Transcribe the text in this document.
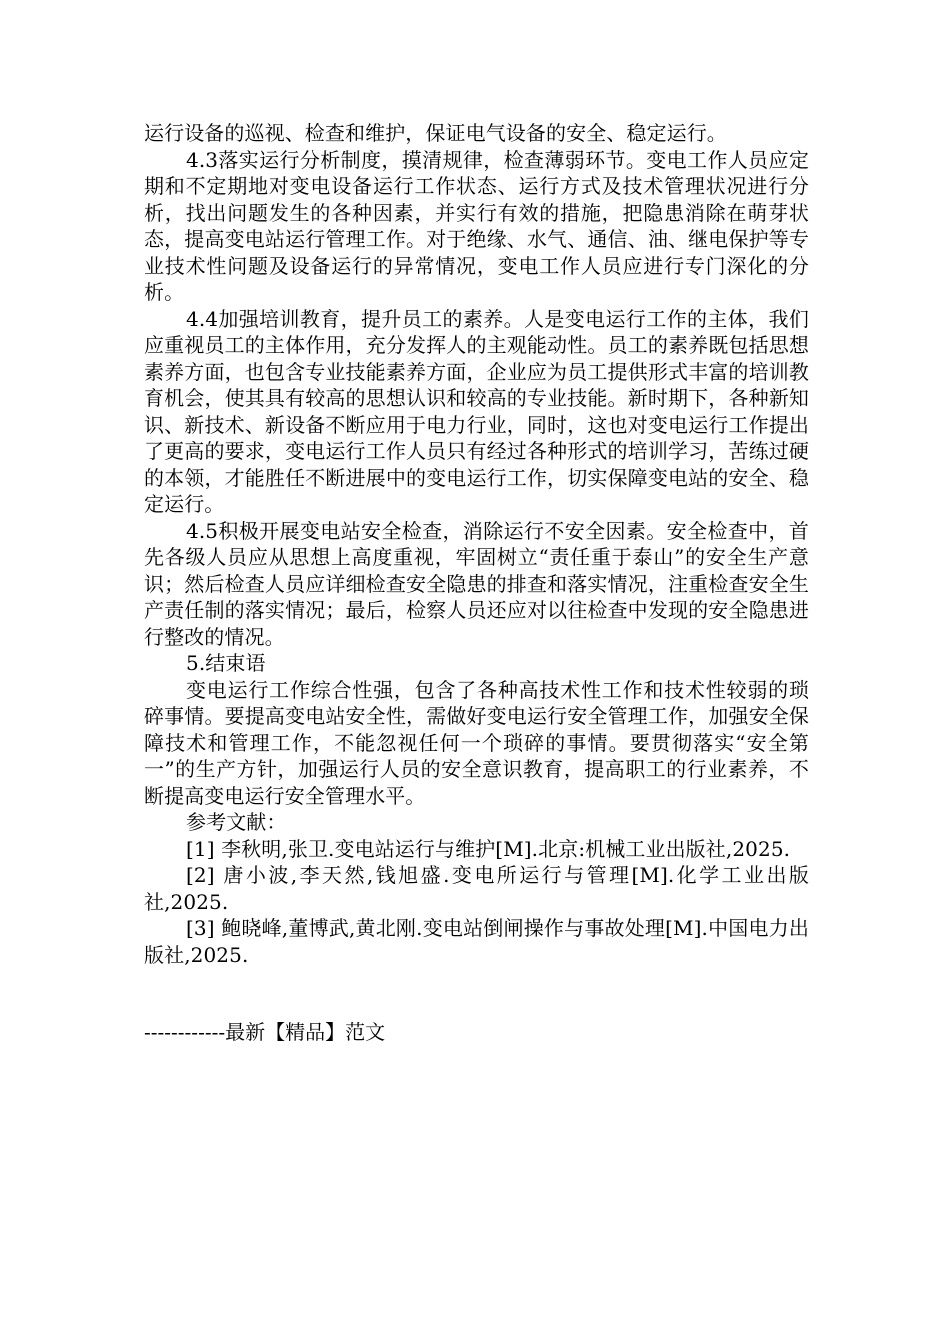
运行设备的巡视、检查和维护，保证电气设备的安全、稳定运行。

4.3落实运行分析制度，摸清规律，检查薄弱环节。变电工作人员应定期和不定期地对变电设备运行工作状态、运行方式及技术管理状况进行分析，找出问题发生的各种因素，并实行有效的措施，把隐患消除在萌芽状态，提高变电站运行管理工作。对于绝缘、水气、通信、油、继电保护等专业技术性问题及设备运行的异常情况，变电工作人员应进行专门深化的分析。

4.4加强培训教育，提升员工的素养。人是变电运行工作的主体，我们应重视员工的主体作用，充分发挥人的主观能动性。员工的素养既包括思想素养方面，也包含专业技能素养方面，企业应为员工提供形式丰富的培训教育机会，使其具有较高的思想认识和较高的专业技能。新时期下，各种新知识、新技术、新设备不断应用于电力行业，同时，这也对变电运行工作提出了更高的要求，变电运行工作人员只有经过各种形式的培训学习，苦练过硬的本领，才能胜任不断进展中的变电运行工作，切实保障变电站的安全、稳定运行。

4.5积极开展变电站安全检查，消除运行不安全因素。安全检查中，首先各级人员应从思想上高度重视，牢固树立“责任重于泰山”的安全生产意识；然后检查人员应详细检查安全隐患的排查和落实情况，注重检查安全生产责任制的落实情况；最后，检察人员还应对以往检查中发现的安全隐患进行整改的情况。

5.结束语

变电运行工作综合性强，包含了各种高技术性工作和技术性较弱的琐碎事情。要提高变电站安全性，需做好变电运行安全管理工作，加强安全保障技术和管理工作，不能忽视任何一个琐碎的事情。要贯彻落实“安全第一”的生产方针，加强运行人员的安全意识教育，提高职工的行业素养，不断提高变电运行安全管理水平。

参考文献：

[1] 李秋明,张卫.变电站运行与维护[M].北京:机械工业出版社,2025.

[2] 唐小波,李天然,钱旭盛.变电所运行与管理[M].化学工业出版社,2025.

[3] 鲍晓峰,董博武,黄北刚.变电站倒闸操作与事故处理[M].中国电力出版社,2025.

------------最新【精品】范文
